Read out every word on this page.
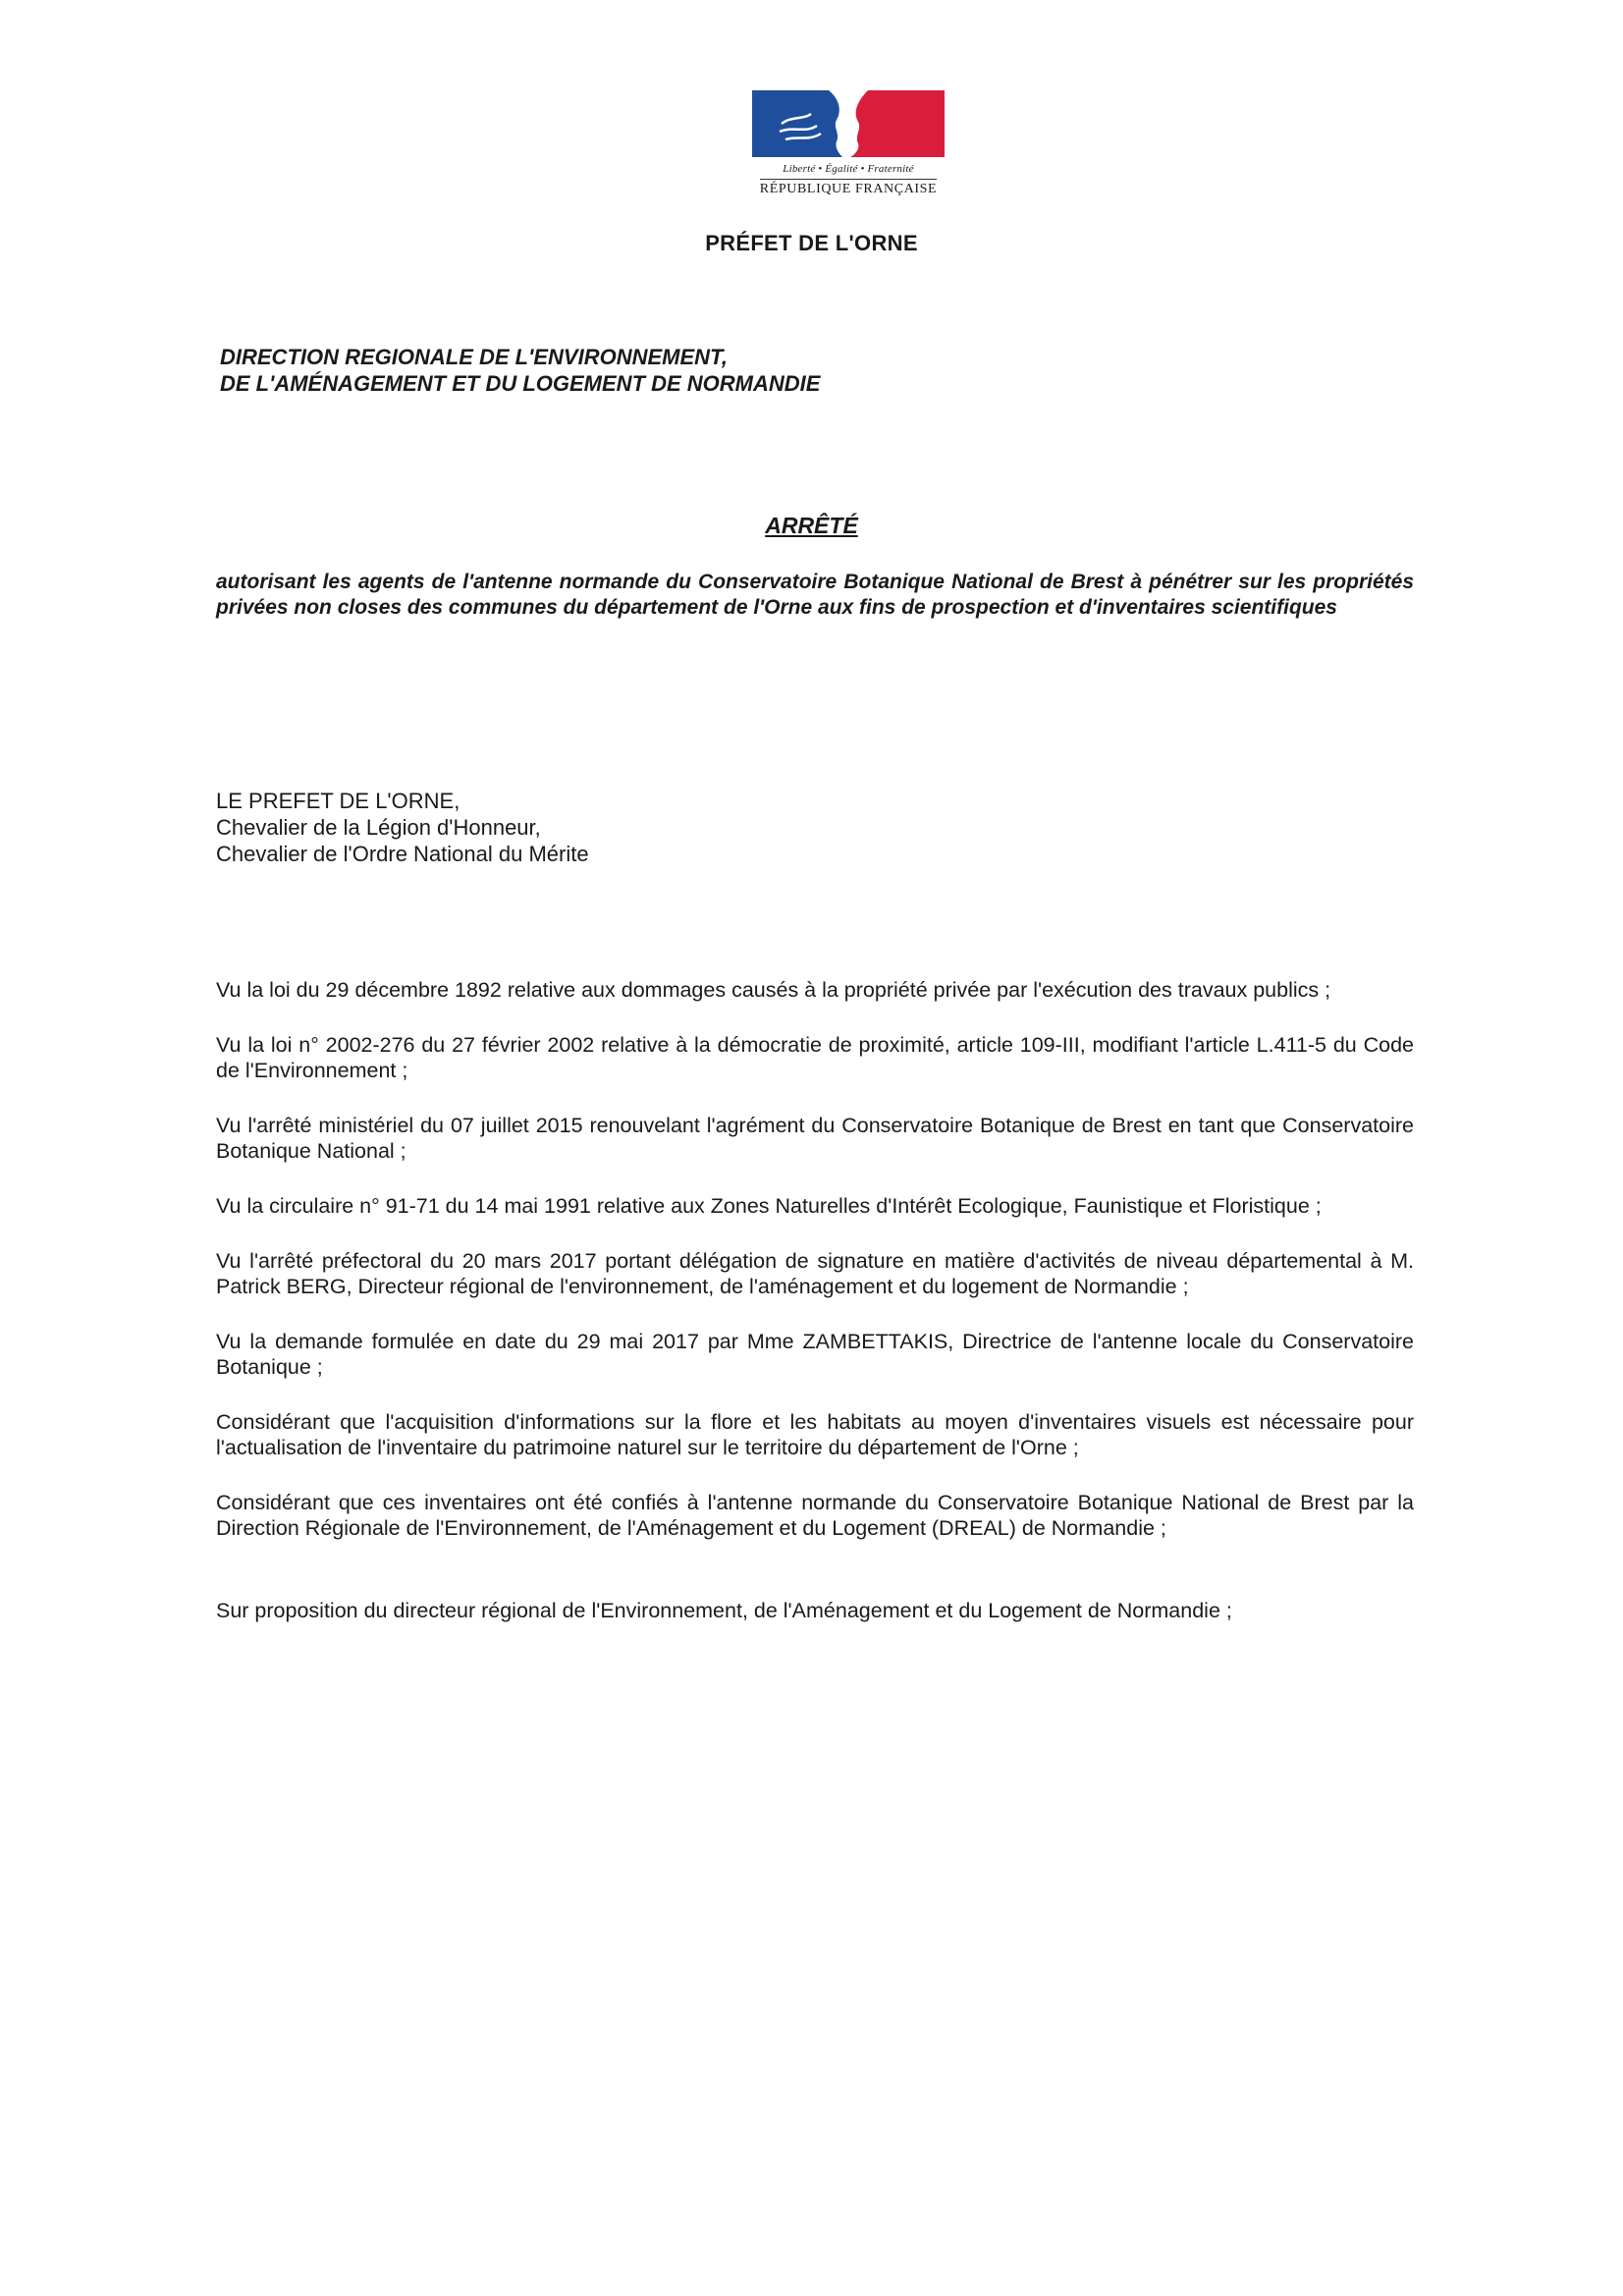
Liberté • Égalité • Fraternité
RÉPUBLIQUE FRANÇAISE
PRÉFET DE L'ORNE
DIRECTION REGIONALE DE L'ENVIRONNEMENT,
DE L'AMÉNAGEMENT ET DU LOGEMENT DE NORMANDIE
ARRÊTÉ
autorisant les agents de l'antenne normande du Conservatoire Botanique National de Brest à pénétrer sur les propriétés privées non closes des communes du département de l'Orne aux fins de prospection et d'inventaires scientifiques
LE PREFET DE L'ORNE,
Chevalier de la Légion d'Honneur,
Chevalier de l'Ordre National du Mérite

Vu la loi du 29 décembre 1892 relative aux dommages causés à la propriété privée par l'exécution des travaux publics ;

Vu la loi n° 2002-276 du 27 février 2002 relative à la démocratie de proximité, article 109-III, modifiant l'article L.411-5 du Code de l'Environnement ;

Vu l'arrêté ministériel du 07 juillet 2015 renouvelant l'agrément du Conservatoire Botanique de Brest en tant que Conservatoire Botanique National ;

Vu la circulaire n° 91-71 du 14 mai 1991 relative aux Zones Naturelles d'Intérêt Ecologique, Faunistique et Floristique ;

Vu l'arrêté préfectoral du 20 mars 2017 portant délégation de signature en matière d'activités de niveau départemental à M. Patrick BERG, Directeur régional de l'environnement, de l'aménagement et du logement de Normandie ;

Vu la demande formulée en date du 29 mai 2017 par Mme ZAMBETTAKIS, Directrice de l'antenne locale du Conservatoire Botanique ;

Considérant que l'acquisition d'informations sur la flore et les habitats au moyen d'inventaires visuels est nécessaire pour l'actualisation de l'inventaire du patrimoine naturel sur le territoire du département de l'Orne ;

Considérant que ces inventaires ont été confiés à l'antenne normande du Conservatoire Botanique National de Brest par la Direction Régionale de l'Environnement, de l'Aménagement et du Logement (DREAL) de Normandie ;

Sur proposition du directeur régional de l'Environnement, de l'Aménagement et du Logement de Normandie ;
